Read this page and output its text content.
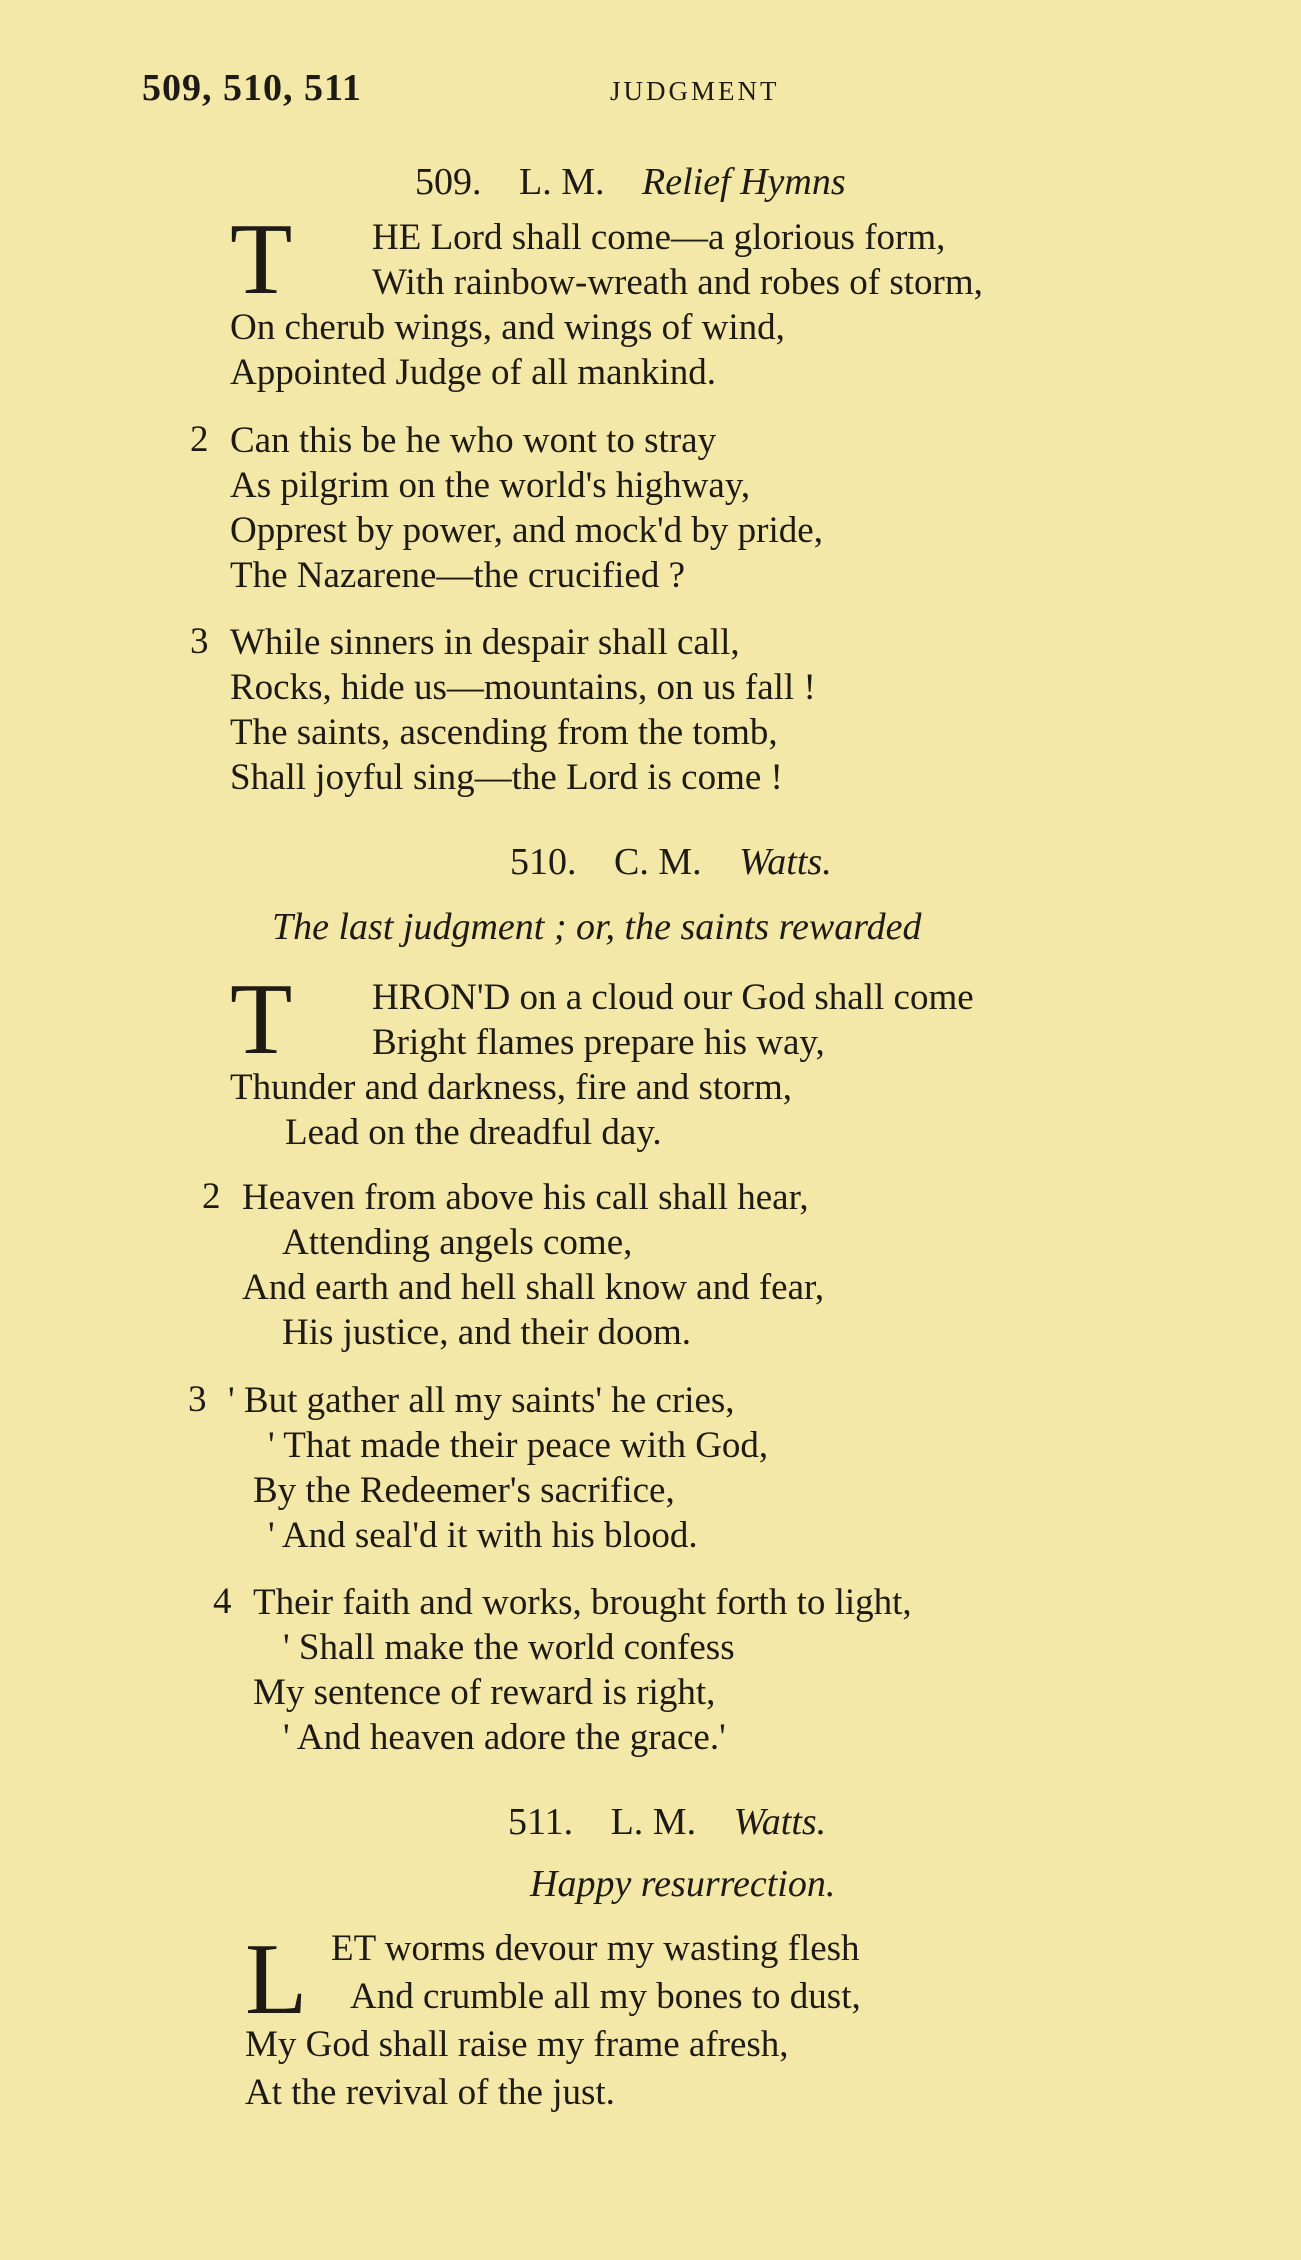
509, 510, 511	JUDGMENT
509. L. M. Relief Hymns
T	HE Lord shall come—a glorious form,
With rainbow-wreath and robes of storm,
On cherub wings, and wings of wind,
Appointed Judge of all mankind.
2 Can this be he who wont to stray
As pilgrim on the world's highway,
Opprest by power, and mock'd by pride,
The Nazarene—the crucified ?
3 While sinners in despair shall call,
Rocks, hide us—mountains, on us fall !
The saints, ascending from the tomb,
Shall joyful sing—the Lord is come !
510. C. M. Watts.
The last judgment ; or, the saints rewarded
T	HRON'D on a cloud our God shall come
Bright flames prepare his way,
Thunder and darkness, fire and storm,
Lead on the dreadful day.
2 Heaven from above his call shall hear,
Attending angels come,
And earth and hell shall know and fear,
His justice, and their doom.
3 ' But gather all my saints' he cries,
' That made their peace with God,
By the Redeemer's sacrifice,
' And seal'd it with his blood.
4 Their faith and works, brought forth to light,
' Shall make the world confess
My sentence of reward is right,
' And heaven adore the grace.'
511. L. M. Watts.
Happy resurrection.
L ET worms devour my wasting flesh
And crumble all my bones to dust,
My God shall raise my frame afresh,
At the revival of the just.
